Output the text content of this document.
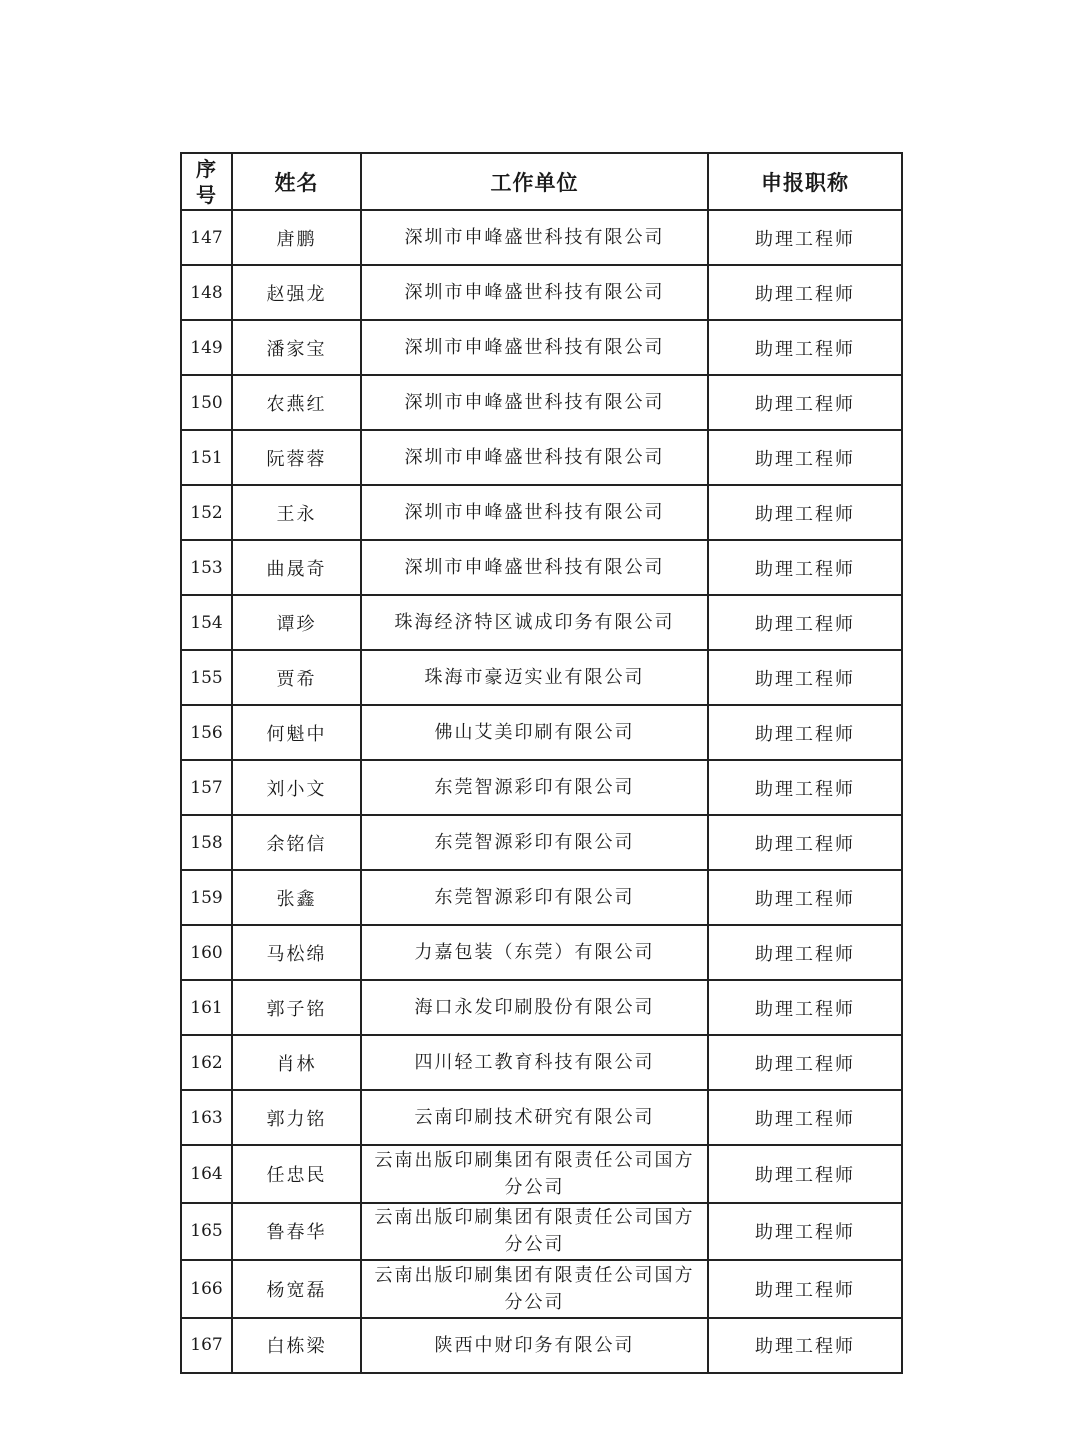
序号	姓名	工作单位	申报职称
147	唐鹏	深圳市申峰盛世科技有限公司	助理工程师
148	赵强龙	深圳市申峰盛世科技有限公司	助理工程师
149	潘家宝	深圳市申峰盛世科技有限公司	助理工程师
150	农燕红	深圳市申峰盛世科技有限公司	助理工程师
151	阮蓉蓉	深圳市申峰盛世科技有限公司	助理工程师
152	王永	深圳市申峰盛世科技有限公司	助理工程师
153	曲晟奇	深圳市申峰盛世科技有限公司	助理工程师
154	谭珍	珠海经济特区诚成印务有限公司	助理工程师
155	贾希	珠海市豪迈实业有限公司	助理工程师
156	何魁中	佛山艾美印刷有限公司	助理工程师
157	刘小文	东莞智源彩印有限公司	助理工程师
158	余铭信	东莞智源彩印有限公司	助理工程师
159	张鑫	东莞智源彩印有限公司	助理工程师
160	马松绵	力嘉包装（东莞）有限公司	助理工程师
161	郭子铭	海口永发印刷股份有限公司	助理工程师
162	肖林	四川轻工教育科技有限公司	助理工程师
163	郭力铭	云南印刷技术研究有限公司	助理工程师
164	任忠民	云南出版印刷集团有限责任公司国方分公司	助理工程师
165	鲁春华	云南出版印刷集团有限责任公司国方分公司	助理工程师
166	杨宽磊	云南出版印刷集团有限责任公司国方分公司	助理工程师
167	白栋梁	陕西中财印务有限公司	助理工程师
